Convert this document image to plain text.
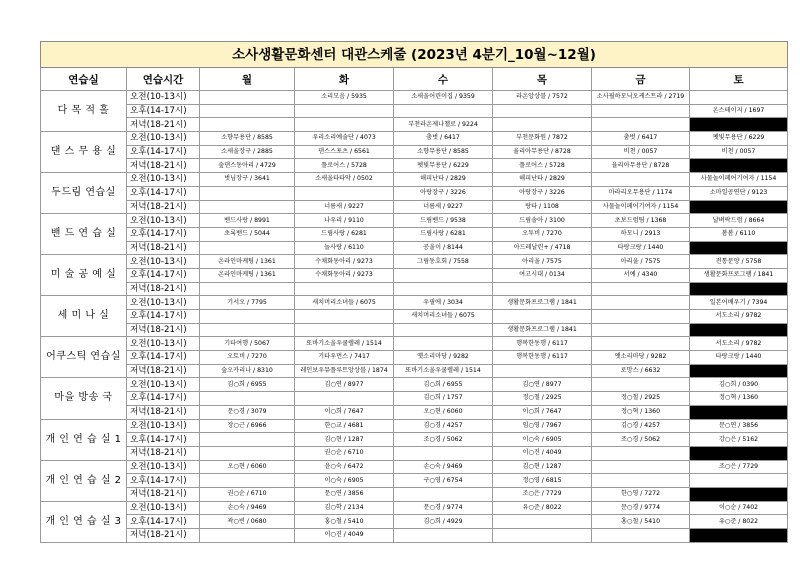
소사생활문화센터 대관스케줄 (2023년 4분기_10월~12월)							
연습실	연습시간	월	화	수	목	금	토
다 목 적 홀	오전(10-13시)		소리모음 / 5935	소새울어린이집 / 9359	라온앙상블 / 7572	소사필하모닉오케스트라 / 2719	
	오후(14-17시)						온스테이지 / 1697
	저녁(18-21시)			부천라온제나챌로 / 9224			
댄 스 무 용 실	오전(10-13시)	소향무용단 / 8585	우리소리예술단 / 4073	춤벗 / 6417	부천문화원 / 7872	춤벗 / 6417	펫빛무용단 / 6229
	오후(14-17시)	소새울장구 / 2885	댄스스포츠 / 6561	소향무용단 / 8585	율리아무용단 / 8728	비천 / 0057	비천 / 0057
	저녁(18-21시)	숲댄스동아리 / 4729	플로어스 / 5728	펫빛무용단 / 6229	플로어스 / 5728	율리아무용단 / 8728	
두드림 연습실	오전(10-13시)	벗님장구 / 3641	소새울타타악 / 0502	해피난타 / 2829	해피난타 / 2829		사물놀이페어기여자 / 1154
	오후(14-17시)			아랑장구 / 3226	아랑장구 / 3226	마라리오무용단 / 1174	소마일공연단 / 9123
	저녁(18-21시)		너름새 / 9227	너름새 / 9227	랑타 / 1108	사물놀이페어기여자 / 1154	
밴 드 연 습 실	오전(10-13시)	밴드사랑 / 8991	나우리 / 9110	드림밴드 / 9538	드림솔아 / 3100	초보드럼팀 / 1368	날벼락드럼 / 8664
	오후(14-17시)	초록밴드 / 5044	드림사랑 / 6281	드림사랑 / 6281	오투비 / 7270	하모니 / 2913	봄봄 / 6110
	저녁(18-21시)		놀사랑 / 6110	공울이 / 8144	아드레날린+ / 4718	타랑크랑 / 1440	
미 술 공 예 실	오전(10-13시)	온라인마케팅 / 1361	수채화동아리 / 9273	그림동호회 / 7558	아리울 / 7575	아리울 / 7575	전통문양 / 5758
	오후(14-17시)	온라인마케팅 / 1361	수채화동아리 / 9273		여고시대 / 0134	서예 / 4340	생활문화프로그램 / 1841
	저녁(18-21시)						
세 미 나 실	오전(10-13시)	기서오 / 7795	새치머리소녀들 / 6075	우필에 / 3034	생활문화프로그램 / 1841		일본어배우기 / 7394
	오후(14-17시)			새치머리소녀들 / 6075			서도소리 / 9782
	저녁(18-21시)				생활문화프로그램 / 1841		
어쿠스틱 연습실	오전(10-13시)	기타여행 / 5067	또바기소울우쿨렐레 / 1514		행복한동행 / 6117		서도소리 / 9782
	오후(14-17시)	오토비 / 7270	기타우먼스 / 7417	옛소리마당 / 9282	행복한동행 / 6117	옛소리마당 / 9282	타랑크랑 / 1440
	저녁(18-21시)	숲오카리나 / 8310	레인보우뮤플루트앙상블 / 1874	또바기소울우쿨렐레 / 1514		로망스 / 6632	
마을 방송 국	오전(10-13시)	김○희 / 6955	김○연 / 8977	김○희 / 6955	김○연 / 8977		김○희 / 0390
	오후(14-17시)			김○희 / 1757	정○철 / 2925	정○철 / 2925	정○혁 / 1360
	저녁(18-21시)	문○경 / 3079	이○희 / 7647	오○현 / 6060	이○희 / 7647	정○혁 / 1360	
개 인 연 습 실 1	오전(10-13시)	장○근 / 6966	한○교 / 4681	김○경 / 4257	임○영 / 7967	김○경 / 4257	문○연 / 3856
	오후(14-17시)		김○현 / 1287	조○경 / 5062	이○숙 / 6905	조○경 / 5062	강○은 / 5162
	저녁(18-21시)		권○순 / 6710		이○진 / 4049		
개 인 연 습 실 2	오전(10-13시)	오○현 / 6060	윤○숙 / 6472	손○숙 / 9469	김○현 / 1287		조○은 / 7729
	오후(14-17시)		이○숙 / 6905	구○영 / 6754	정○영 / 6815		
	저녁(18-21시)	권○순 / 6710	문○연 / 3856		조○은 / 7729	한○영 / 7272	
개 인 연 습 실 3	오전(10-13시)	손○숙 / 9469	김○학 / 2134	문○경 / 9774	유○준 / 8022	문○경 / 9774	이○순 / 7402
	오후(14-17시)	곽○빈 / 0680	홍○철 / 5410	김○희 / 4929		홍○철 / 5410	유○준 / 8022
	저녁(18-21시)		이○진 / 4049				
